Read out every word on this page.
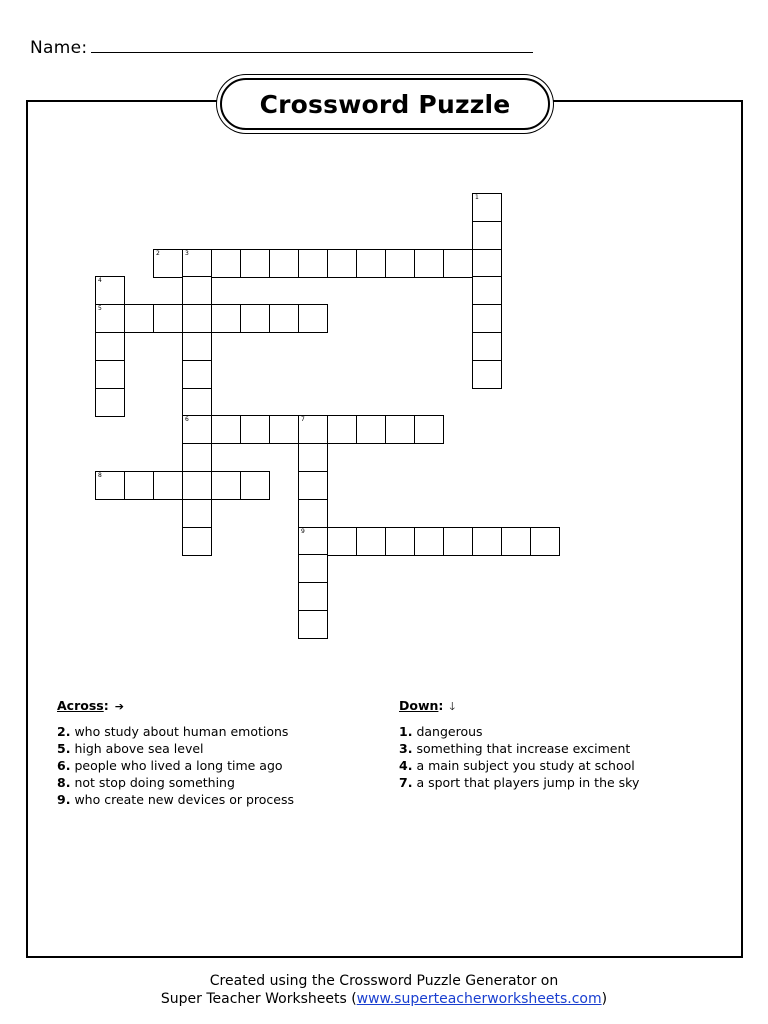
Name:
Crossword Puzzle
1
2	3
6
4
5
7
9
8
Across: ➔
2. who study about human emotions
5. high above sea level
6. people who lived a long time ago
8. not stop doing something
9. who create new devices or process
Down: 🡓
1. dangerous
3. something that increase exciment
4. a main subject you study at school
7. a sport that players jump in the sky
Created using the Crossword Puzzle Generator on
Super Teacher Worksheets (www.superteacherworksheets.com)
